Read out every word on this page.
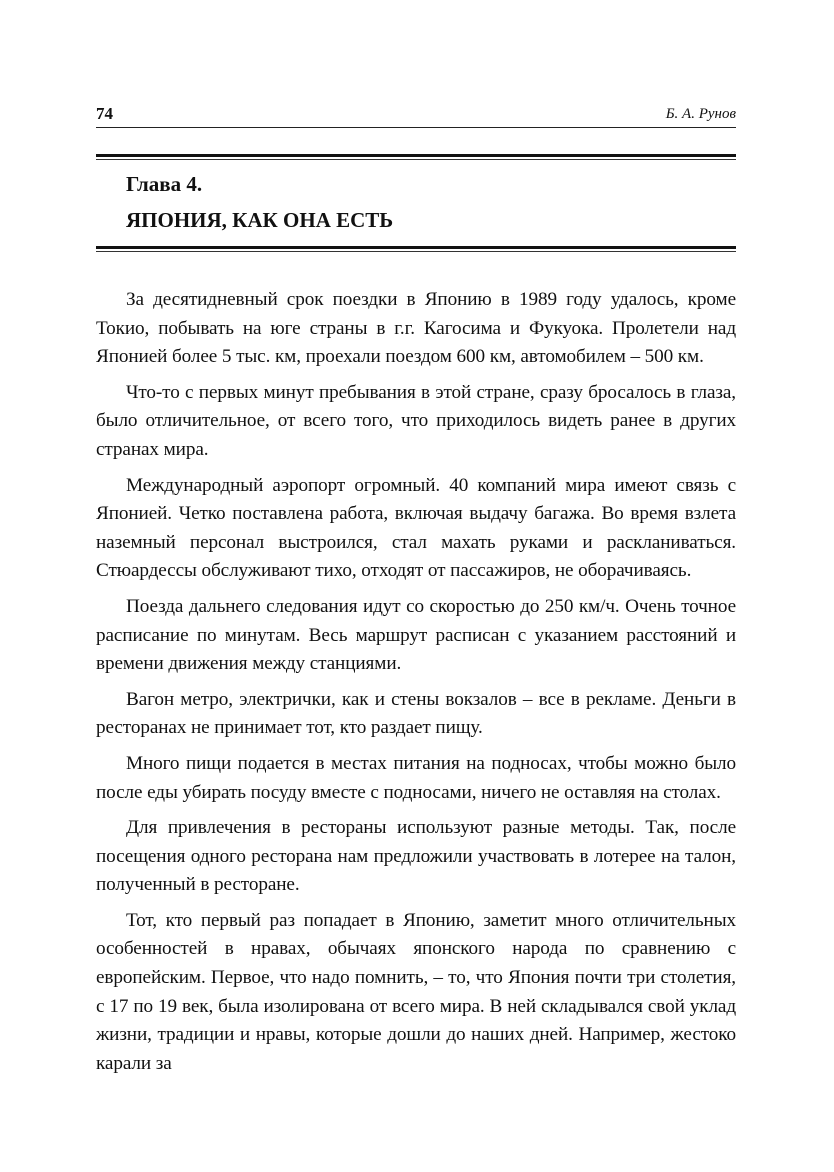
74	Б. А. Рунов
Глава 4.
ЯПОНИЯ, КАК ОНА ЕСТЬ

За десятидневный срок поездки в Японию в 1989 году удалось, кроме Токио, побывать на юге страны в г.г. Кагосима и Фукуока. Пролетели над Японией более 5 тыс. км, проехали поездом 600 км, автомобилем – 500 км.

Что-то с первых минут пребывания в этой стране, сразу бросалось в глаза, было отличительное, от всего того, что приходилось видеть ранее в других странах мира.

Международный аэропорт огромный. 40 компаний мира имеют связь с Японией. Четко поставлена работа, включая выдачу багажа. Во время взлета наземный персонал выстроился, стал махать руками и раскланиваться. Стюардессы обслуживают тихо, отходят от пассажиров, не оборачиваясь.

Поезда дальнего следования идут со скоростью до 250 км/ч. Очень точное расписание по минутам. Весь маршрут расписан с указанием расстояний и времени движения между станциями.

Вагон метро, электрички, как и стены вокзалов – все в рекламе. Деньги в ресторанах не принимает тот, кто раздает пищу.

Много пищи подается в местах питания на подносах, чтобы можно было после еды убирать посуду вместе с подносами, ничего не оставляя на столах.

Для привлечения в рестораны используют разные методы. Так, после посещения одного ресторана нам предложили участвовать в лотерее на талон, полученный в ресторане.

Тот, кто первый раз попадает в Японию, заметит много отличительных особенностей в нравах, обычаях японского народа по сравнению с европейским. Первое, что надо помнить, – то, что Япония почти три столетия, с 17 по 19 век, была изолирована от всего мира. В ней складывался свой уклад жизни, традиции и нравы, которые дошли до наших дней. Например, жестоко карали за
